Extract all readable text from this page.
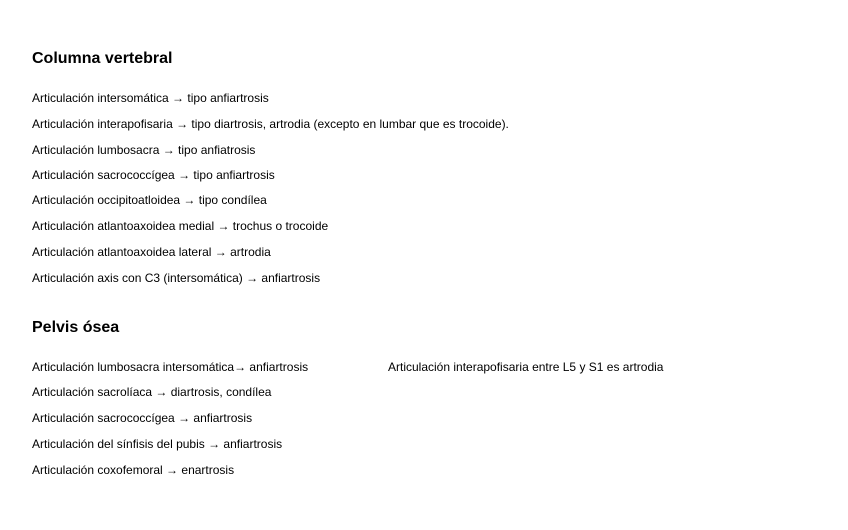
Columna vertebral
Articulación intersomática → tipo anfiartrosis
Articulación interapofisaria → tipo diartrosis, artrodia (excepto en lumbar que es trocoide).
Articulación lumbosacra → tipo anfiatrosis
Articulación sacrococcígea → tipo anfiartrosis
Articulación occipitoatloidea → tipo condílea
Articulación atlantoaxoidea medial → trochus o trocoide
Articulación atlantoaxoidea lateral → artrodia
Articulación axis con C3 (intersomática) → anfiartrosis
Pelvis ósea
Articulación lumbosacra intersomática→ anfiartrosis	Articulación interapofisaria entre L5 y S1 es artrodia
Articulación sacrolíaca → diartrosis, condílea
Articulación sacrococcígea → anfiartrosis
Articulación del sínfisis del pubis → anfiartrosis
Articulación coxofemoral → enartrosis
